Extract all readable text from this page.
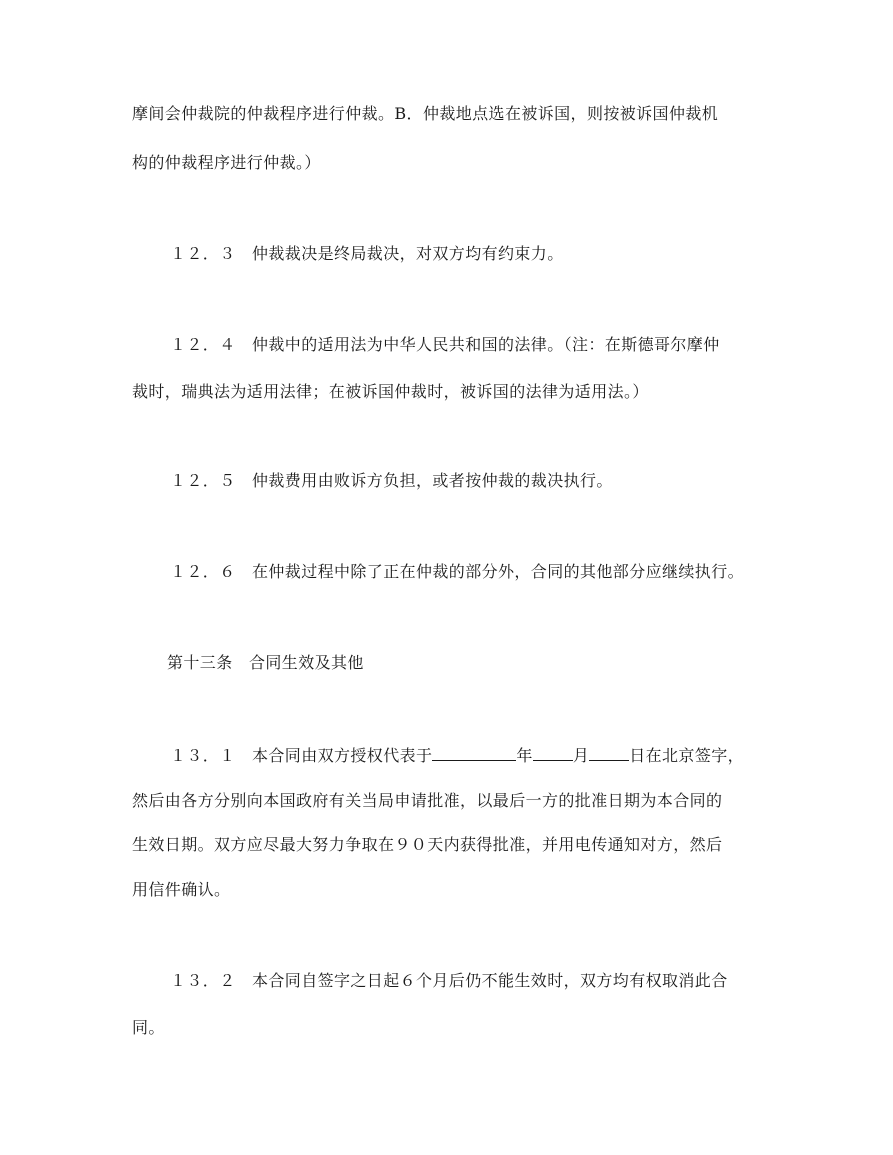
摩间会仲裁院的仲裁程序进行仲裁。B．仲裁地点选在被诉国，则按被诉国仲裁机
构的仲裁程序进行仲裁。）
１２．３　仲裁裁决是终局裁决，对双方均有约束力。
１２．４　仲裁中的适用法为中华人民共和国的法律。（注：在斯德哥尔摩仲
裁时，瑞典法为适用法律；在被诉国仲裁时，被诉国的法律为适用法。）
１２．５　仲裁费用由败诉方负担，或者按仲裁的裁决执行。
１２．６　在仲裁过程中除了正在仲裁的部分外，合同的其他部分应继续执行。
第十三条　合同生效及其他
１３．１　本合同由双方授权代表于	年	月	日在北京签字，
然后由各方分别向本国政府有关当局申请批准，以最后一方的批准日期为本合同的
生效日期。双方应尽最大努力争取在９０天内获得批准，并用电传通知对方，然后
用信件确认。
１３．２　本合同自签字之日起６个月后仍不能生效时，双方均有权取消此合
同。
